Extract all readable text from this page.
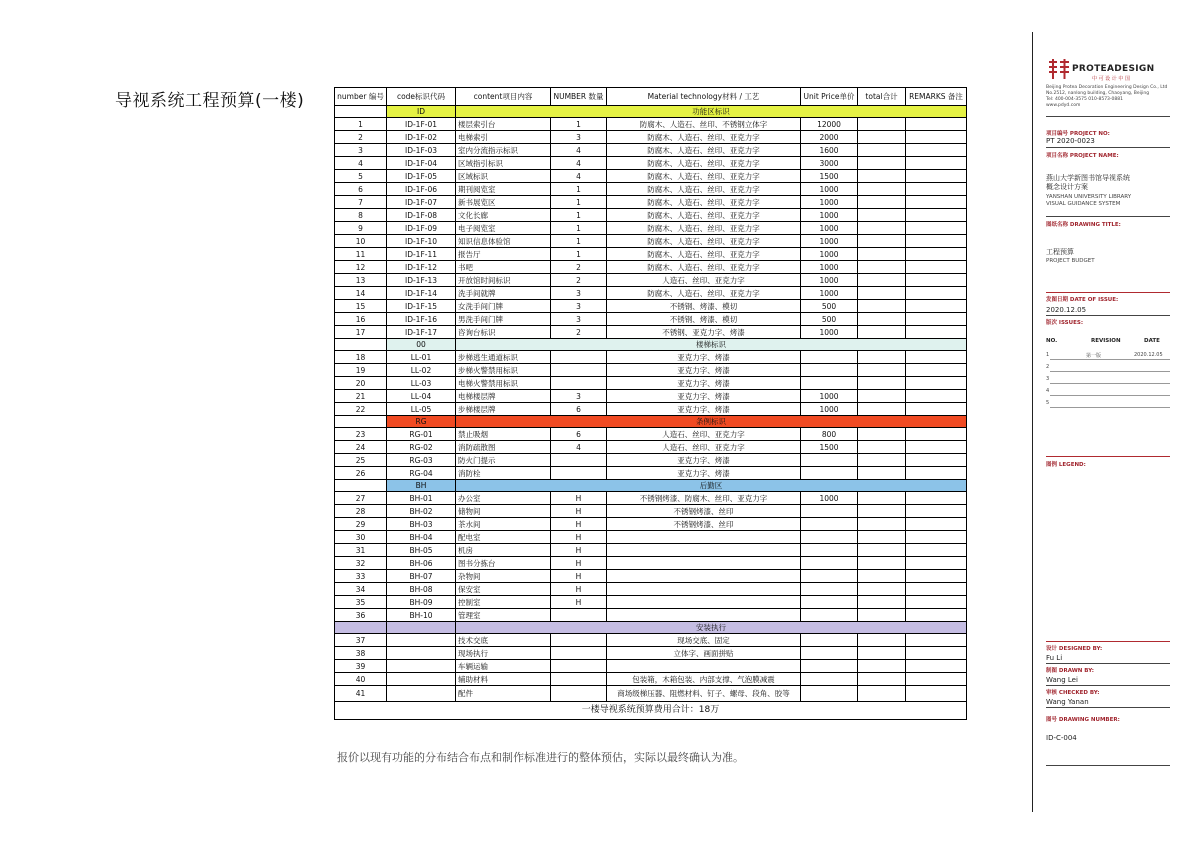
导视系统工程预算(一楼)	number 编号	code标识代码	content项目内容	NUMBER 数量	Material technology材料 / 工艺	Unit Price单价	total合计	REMARKS 备注
	ID	功能区标识					
1	ID-1F-01	楼层索引台	1	防腐木、人造石、丝印、不锈钢立体字	12000		
2	ID-1F-02	电梯索引	3	防腐木、人造石、丝印、亚克力字	2000		
3	ID-1F-03	室内分流指示标识	4	防腐木、人造石、丝印、亚克力字	1600		
4	ID-1F-04	区域指引标识	4	防腐木、人造石、丝印、亚克力字	3000		
5	ID-1F-05	区域标识	4	防腐木、人造石、丝印、亚克力字	1500		
6	ID-1F-06	期刊阅览室	1	防腐木、人造石、丝印、亚克力字	1000		
7	ID-1F-07	新书展览区	1	防腐木、人造石、丝印、亚克力字	1000		
8	ID-1F-08	文化长廊	1	防腐木、人造石、丝印、亚克力字	1000		
9	ID-1F-09	电子阅览室	1	防腐木、人造石、丝印、亚克力字	1000		
10	ID-1F-10	知识信息体验馆	1	防腐木、人造石、丝印、亚克力字	1000		
11	ID-1F-11	报告厅	1	防腐木、人造石、丝印、亚克力字	1000		
12	ID-1F-12	书吧	2	防腐木、人造石、丝印、亚克力字	1000		
13	ID-1F-13	开放馆时间标识	2	人造石、丝印、亚克力字	1000		
14	ID-1F-14	洗手间就牌	3	防腐木、人造石、丝印、亚克力字	1000		
15	ID-1F-15	女洗手间门牌	3	不锈钢、烤漆、模切	500		
16	ID-1F-16	男洗手间门牌	3	不锈钢、烤漆、模切	500		
17	ID-1F-17	咨询台标识	2	不锈钢、亚克力字、烤漆	1000		
	00	楼梯标识					
18	LL-01	步梯逃生通道标识		亚克力字、烤漆			
19	LL-02	步梯火警禁用标识		亚克力字、烤漆			
20	LL-03	电梯火警禁用标识		亚克力字、烤漆			
21	LL-04	电梯楼层牌	3	亚克力字、烤漆	1000		
22	LL-05	步梯楼层牌	6	亚克力字、烤漆	1000		
	RG	条例标识					
23	RG-01	禁止吸烟	6	人造石、丝印、亚克力字	800		
24	RG-02	消防疏散图	4	人造石、丝印、亚克力字	1500		
25	RG-03	防火门提示		亚克力字、烤漆			
26	RG-04	消防栓		亚克力字、烤漆			
	BH	后勤区					
27	BH-01	办公室	H	不锈钢烤漆、防腐木、丝印、亚克力字	1000		
28	BH-02	储物间	H	不锈钢烤漆、丝印			
29	BH-03	茶水间	H	不锈钢烤漆、丝印			
30	BH-04	配电室	H				
31	BH-05	机房	H				
32	BH-06	图书分拣台	H				
33	BH-07	杂物间	H				
34	BH-08	保安室	H				
35	BH-09	控制室	H				
36	BH-10	管理室					
		安装执行					
37		技术交底		现场交底、固定			
38		现场执行		立体字、画面拼贴			
39		车辆运输					
40		辅助材料		包装箱，木箱包装、内部支撑、气泡膜减震			
41		配件		商场级梯压器、阻燃材料、钉子、螺母、段角、胶等			
一楼导视系统预算费用合计：18万							
报价以现有功能的分布结合布点和制作标准进行的整体预估，实际以最终确认为准。
PROTEADESIGN
中 可 设 计 中 国
Beijing Protea Decoration Engineering Design Co., Ltd
No.2512, nanlong building, Chaoyang, Beijing
Tel: 400-004-3575 010-8573-0881
www.pdyd.com
项目编号 PROJECT NO:
PT 2020-0023
项目名称 PROJECT NAME:
燕山大学新图书馆导视系统
概念设计方案
YANSHAN UNIVERSITY LIBRARY
VISUAL GUIDANCE SYSTEM
图纸名称 DRAWING TITLE:
工程预算
PROJECT BUDGET
发图日期 DATE OF ISSUE:
2020.12.05
版次 ISSUES:
NO.	REVISION	DATE
1	第一版	2020.12.05
2
3
4
5
图例 LEGEND:
设计 DESIGNED BY:
Fu Li
制图 DRAWN BY:
Wang Lei
审核 CHECKED BY:
Wang Yanan
图号 DRAWING NUMBER:
ID-C-004
